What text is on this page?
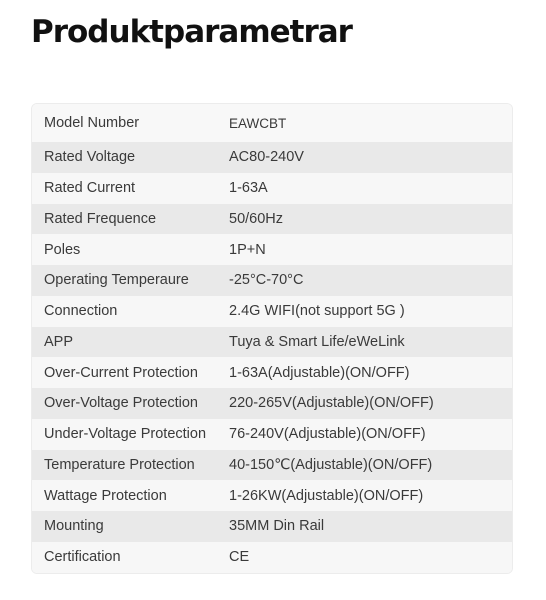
Produktparametrar
Model Number	EAWCBT
Rated Voltage	AC80-240V
Rated Current	1-63A
Rated Frequence	50/60Hz
Poles	1P+N
Operating Temperaure	-25°C-70°C
Connection	2.4G WIFI(not support 5G )
APP	Tuya & Smart Life/eWeLink
Over-Current Protection	1-63A(Adjustable)(ON/OFF)
Over-Voltage Protection	220-265V(Adjustable)(ON/OFF)
Under-Voltage Protection	76-240V(Adjustable)(ON/OFF)
Temperature Protection	40-150℃(Adjustable)(ON/OFF)
Wattage Protection	1-26KW(Adjustable)(ON/OFF)
Mounting	35MM Din Rail
Certification	CE
